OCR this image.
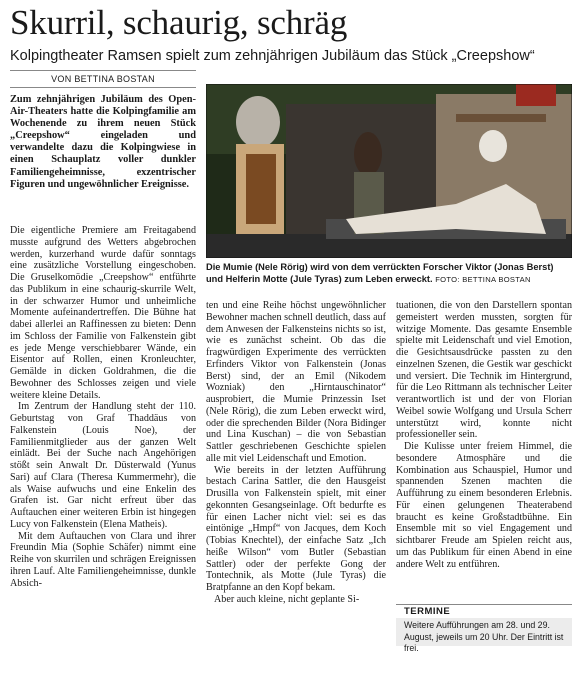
Skurril, schaurig, schräg
Kolpingtheater Ramsen spielt zum zehnjährigen Jubiläum das Stück „Creepshow“
VON BETTINA BOSTAN
Zum zehnjährigen Jubiläum des Open-Air-Theaters hatte die Kolpingfamilie am Wochenende zu ihrem neuen Stück „Creepshow“ eingeladen und verwandelte dazu die Kolpingwiese in einen Schauplatz voller dunkler Familiengeheimnisse, exzentrischer Figuren und ungewöhnlicher Ereignisse.

Die eigentliche Premiere am Freitagabend musste aufgrund des Wetters abgebrochen werden, kurzerhand wurde dafür sonntags eine zusätzliche Vorstellung eingeschoben. Die Gruselkomödie „Creepshow“ entführte das Publikum in eine schaurig-skurrile Welt, in der schwarzer Humor und unheimliche Momente aufeinandertreffen. Die Bühne hat dabei allerlei an Raffinessen zu bieten: Denn im Schloss der Familie von Falkenstein gibt es jede Menge verschiebbarer Wände, ein Eisentor auf Rollen, einen Kronleuchter, Gemälde in dicken Goldrahmen, die die Bewohner des Schlosses zeigen und viele weitere kleine Details.

Im Zentrum der Handlung steht der 110. Geburtstag von Graf Thaddäus von Falkenstein (Louis Noe), der Familienmitglieder aus der ganzen Welt einlädt. Bei der Suche nach Angehörigen stößt sein Anwalt Dr. Düsterwald (Yunus Sari) auf Clara (Theresa Kummermehr), die als Waise aufwuchs und eine Enkelin des Grafen ist. Gar nicht erfreut über das Auftauchen einer weiteren Erbin ist hingegen Lucy von Falkenstein (Elena Matheis).

Mit dem Auftauchen von Clara und ihrer Freundin Mia (Sophie Schäfer) nimmt eine Reihe von skurrilen und schrägen Ereignissen ihren Lauf. Alte Familiengeheimnisse, dunkle Absich-

Die Mumie (Nele Rörig) wird von dem verrückten Forscher Viktor (Jonas Berst) und Helferin Motte (Jule Tyras) zum Leben erweckt. FOTO: BETTINA BOSTAN

ten und eine Reihe höchst ungewöhnlicher Bewohner machen schnell deutlich, dass auf dem Anwesen der Falkensteins nichts so ist, wie es zunächst scheint. Ob das die fragwürdigen Experimente des verrückten Erfinders Viktor von Falkenstein (Jonas Berst) sind, der an Emil (Nikodem Wozniak) den „Hirntauschinator“ ausprobiert, die Mumie Prinzessin Iset (Nele Rörig), die zum Leben erweckt wird, oder die sprechenden Bilder (Nora Bidinger und Lina Kuschan) – die von Sebastian Sattler geschriebenen Geschichte spielen alle mit viel Leidenschaft und Emotion.

Wie bereits in der letzten Aufführung bestach Carina Sattler, die den Hausgeist Drusilla von Falkenstein spielt, mit einer gekonnten Gesangseinlage. Oft bedurfte es für einen Lacher nicht viel: sei es das eintönige „Hmpf“ von Jacques, dem Koch (Tobias Knechtel), der einfache Satz „Ich heiße Wilson“ vom Butler (Sebastian Sattler) oder der perfekte Gong der Tontechnik, als Motte (Jule Tyras) die Bratpfanne an den Kopf bekam.

Aber auch kleine, nicht geplante Si-

tuationen, die von den Darstellern spontan gemeistert werden mussten, sorgten für witzige Momente. Das gesamte Ensemble spielte mit Leidenschaft und viel Emotion, die Gesichtsausdrücke passten zu den einzelnen Szenen, die Gestik war geschickt und versiert. Die Technik im Hintergrund, für die Leo Rittmann als technischer Leiter verantwortlich ist und der von Florian Weibel sowie Wolfgang und Ursula Scherr unterstützt wird, konnte nicht professioneller sein.

Die Kulisse unter freiem Himmel, die besondere Atmosphäre und die Kombination aus Schauspiel, Humor und spannenden Szenen machten die Aufführung zu einem besonderen Erlebnis. Für einen gelungenen Theaterabend braucht es keine Großstadtbühne. Ein Ensemble mit so viel Engagement und sichtbarer Freude am Spielen reicht aus, um das Publikum für einen Abend in eine andere Welt zu entführen.

TERMINE
Weitere Aufführungen am 28. und 29. August, jeweils um 20 Uhr. Der Eintritt ist frei.
